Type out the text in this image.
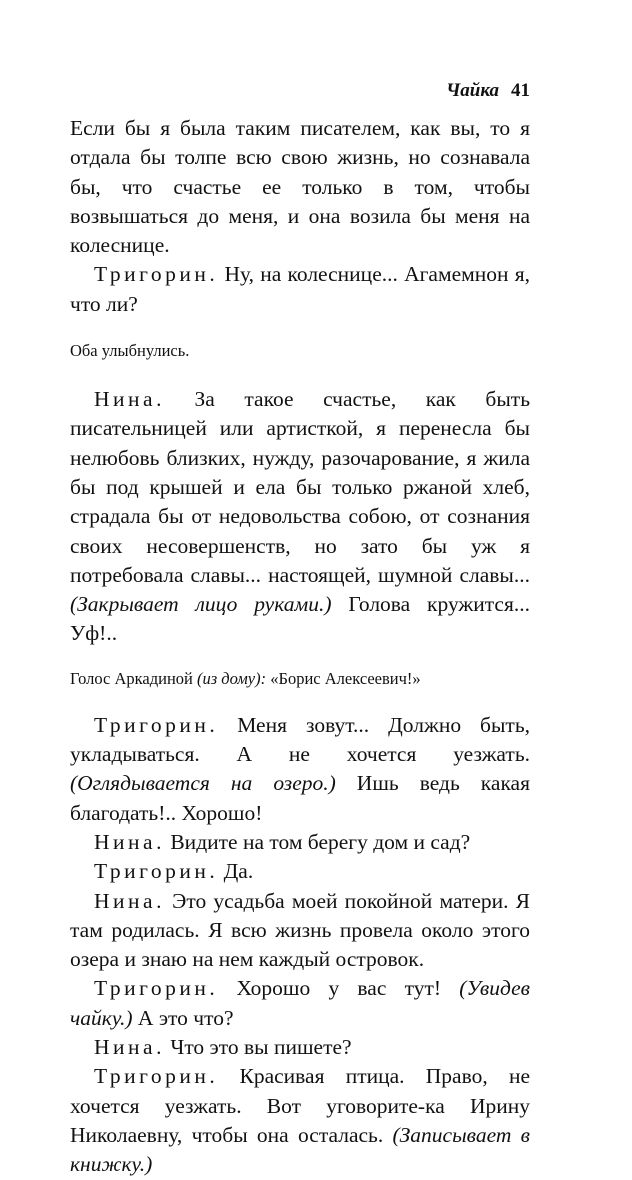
Чайка 41

Если бы я была таким писателем, как вы, то я отдала бы толпе всю свою жизнь, но сознавала бы, что счастье ее только в том, чтобы возвышаться до меня, и она возила бы меня на колеснице.

Тригорин. Ну, на колеснице... Агамемнон я, что ли?

Оба улыбнулись.

Нина. За такое счастье, как быть писательницей или артисткой, я перенесла бы нелюбовь близких, нужду, разочарование, я жила бы под крышей и ела бы только ржаной хлеб, страдала бы от недовольства собою, от сознания своих несовершенств, но зато бы уж я потребовала славы... настоящей, шумной славы... (Закрывает лицо руками.) Голова кружится... Уф!..

Голос Аркадиной (из дому): «Борис Алексеевич!»

Тригорин. Меня зовут... Должно быть, укладываться. А не хочется уезжать. (Оглядывается на озеро.) Ишь ведь какая благодать!.. Хорошо!

Нина. Видите на том берегу дом и сад?

Тригорин. Да.

Нина. Это усадьба моей покойной матери. Я там родилась. Я всю жизнь провела около этого озера и знаю на нем каждый островок.

Тригорин. Хорошо у вас тут! (Увидев чайку.) А это что?

Нина. Что это вы пишете?

Тригорин. Красивая птица. Право, не хочется уезжать. Вот уговорите-ка Ирину Николаевну, чтобы она осталась. (Записывает в книжку.)
